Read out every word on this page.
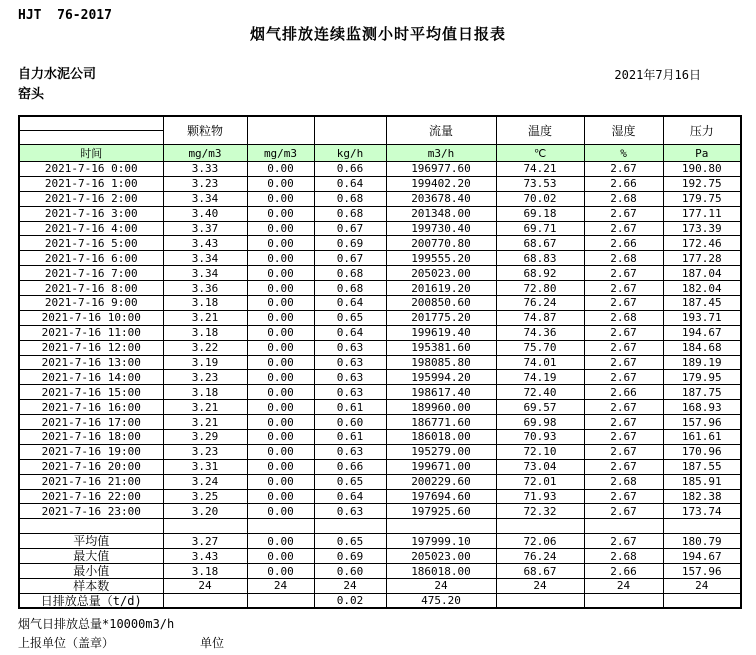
HJT  76-2017
烟气排放连续监测小时平均值日报表
自力水泥公司
窑头
2021年7月16日
	颗粒物			流量	温度	湿度	压力
时间	mg/m3	mg/m3	kg/h	m3/h	℃	%	Pa
2021-7-16 0:00	3.33	0.00	0.66	196977.60	74.21	2.67	190.80
2021-7-16 1:00	3.23	0.00	0.64	199402.20	73.53	2.66	192.75
2021-7-16 2:00	3.34	0.00	0.68	203678.40	70.02	2.68	179.75
2021-7-16 3:00	3.40	0.00	0.68	201348.00	69.18	2.67	177.11
2021-7-16 4:00	3.37	0.00	0.67	199730.40	69.71	2.67	173.39
2021-7-16 5:00	3.43	0.00	0.69	200770.80	68.67	2.66	172.46
2021-7-16 6:00	3.34	0.00	0.67	199555.20	68.83	2.68	177.28
2021-7-16 7:00	3.34	0.00	0.68	205023.00	68.92	2.67	187.04
2021-7-16 8:00	3.36	0.00	0.68	201619.20	72.80	2.67	182.04
2021-7-16 9:00	3.18	0.00	0.64	200850.60	76.24	2.67	187.45
2021-7-16 10:00	3.21	0.00	0.65	201775.20	74.87	2.68	193.71
2021-7-16 11:00	3.18	0.00	0.64	199619.40	74.36	2.67	194.67
2021-7-16 12:00	3.22	0.00	0.63	195381.60	75.70	2.67	184.68
2021-7-16 13:00	3.19	0.00	0.63	198085.80	74.01	2.67	189.19
2021-7-16 14:00	3.23	0.00	0.63	195994.20	74.19	2.67	179.95
2021-7-16 15:00	3.18	0.00	0.63	198617.40	72.40	2.66	187.75
2021-7-16 16:00	3.21	0.00	0.61	189960.00	69.57	2.67	168.93
2021-7-16 17:00	3.21	0.00	0.60	186771.60	69.98	2.67	157.96
2021-7-16 18:00	3.29	0.00	0.61	186018.00	70.93	2.67	161.61
2021-7-16 19:00	3.23	0.00	0.63	195279.00	72.10	2.67	170.96
2021-7-16 20:00	3.31	0.00	0.66	199671.00	73.04	2.67	187.55
2021-7-16 21:00	3.24	0.00	0.65	200229.60	72.01	2.68	185.91
2021-7-16 22:00	3.25	0.00	0.64	197694.60	71.93	2.67	182.38
2021-7-16 23:00	3.20	0.00	0.63	197925.60	72.32	2.67	173.74

平均值	3.27	0.00	0.65	197999.10	72.06	2.67	180.79
最大值	3.43	0.00	0.69	205023.00	76.24	2.68	194.67
最小值	3.18	0.00	0.60	186018.00	68.67	2.66	157.96
样本数	24	24	24	24	24	24	24
日排放总量（t/d)			0.02	475.20			
烟气日排放总量*10000m3/h
上报单位（盖章）	单位
